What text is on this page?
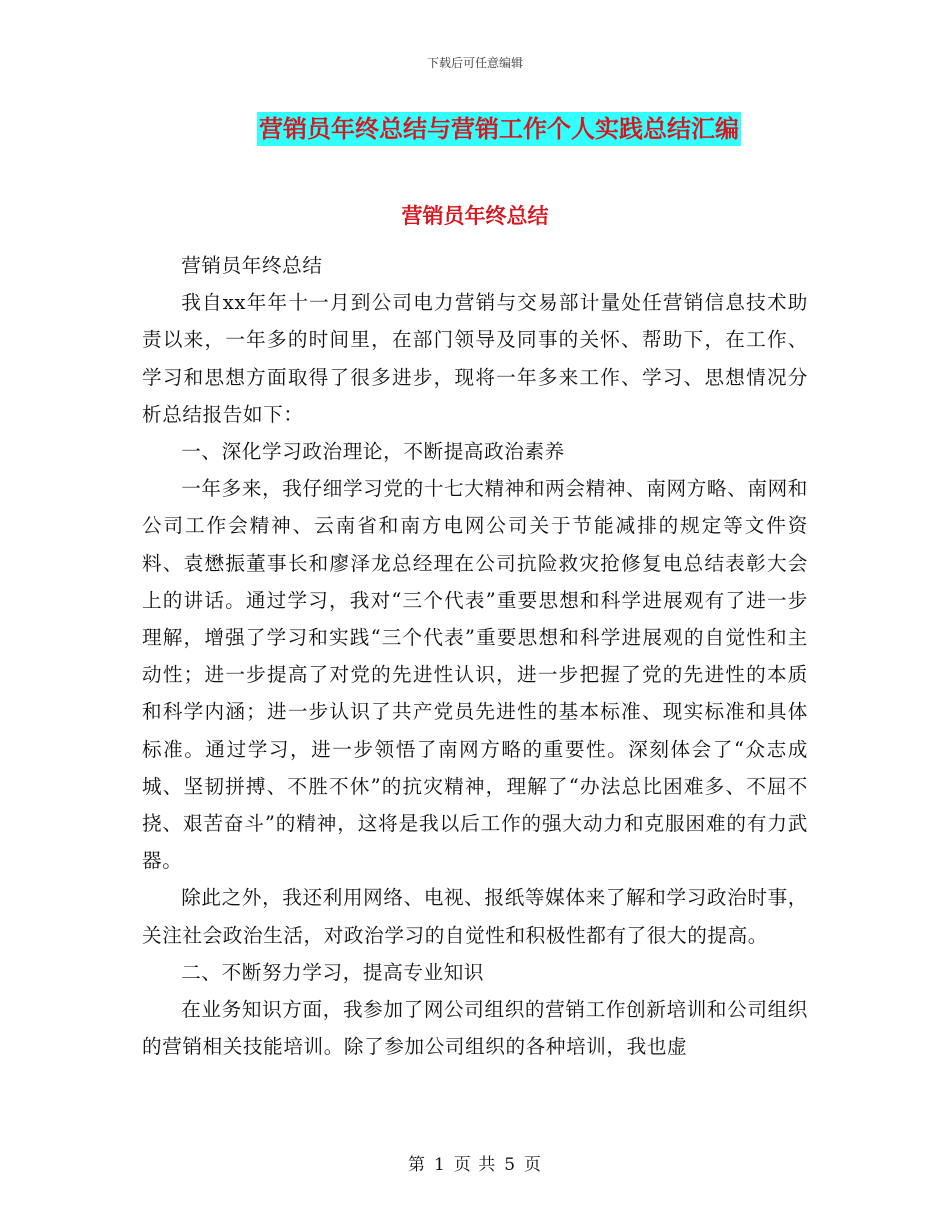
下载后可任意编辑
营销员年终总结与营销工作个人实践总结汇编
营销员年终总结

营销员年终总结

我自xx年年十一月到公司电力营销与交易部计量处任营销信息技术助责以来，一年多的时间里，在部门领导及同事的关怀、帮助下，在工作、学习和思想方面取得了很多进步，现将一年多来工作、学习、思想情况分析总结报告如下：

一、深化学习政治理论，不断提高政治素养

一年多来，我仔细学习党的十七大精神和两会精神、南网方略、南网和公司工作会精神、云南省和南方电网公司关于节能减排的规定等文件资料、袁懋振董事长和廖泽龙总经理在公司抗险救灾抢修复电总结表彰大会上的讲话。通过学习，我对“三个代表”重要思想和科学进展观有了进一步理解，增强了学习和实践“三个代表”重要思想和科学进展观的自觉性和主动性；进一步提高了对党的先进性认识，进一步把握了党的先进性的本质和科学内涵；进一步认识了共产党员先进性的基本标准、现实标准和具体标准。通过学习，进一步领悟了南网方略的重要性。深刻体会了“众志成城、坚韧拼搏、不胜不休”的抗灾精神，理解了“办法总比困难多、不屈不挠、艰苦奋斗”的精神，这将是我以后工作的强大动力和克服困难的有力武器。

除此之外，我还利用网络、电视、报纸等媒体来了解和学习政治时事，关注社会政治生活，对政治学习的自觉性和积极性都有了很大的提高。

二、不断努力学习，提高专业知识

在业务知识方面，我参加了网公司组织的营销工作创新培训和公司组织的营销相关技能培训。除了参加公司组织的各种培训，我也虚

第 1 页 共 5 页
